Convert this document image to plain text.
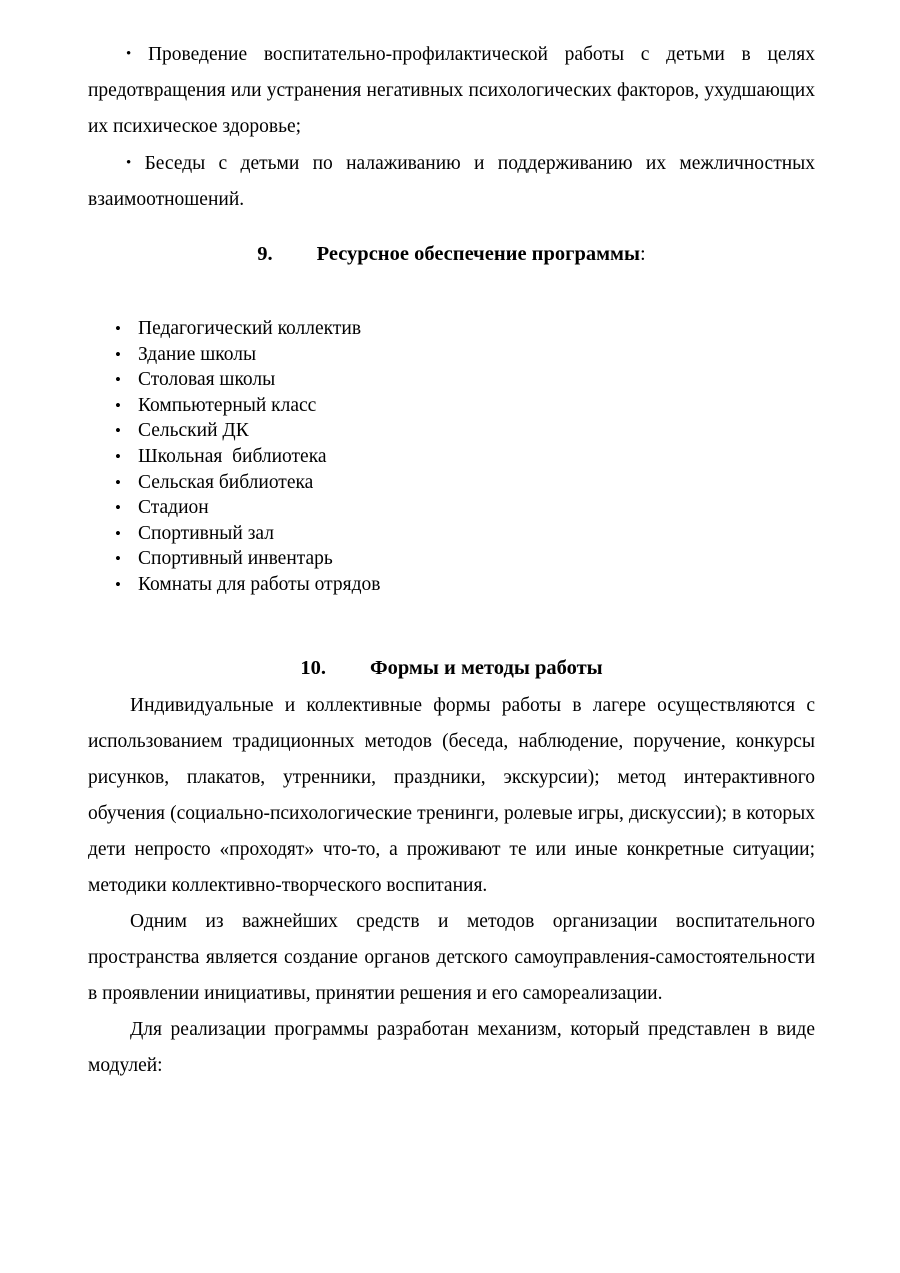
• Проведение воспитательно-профилактической работы с детьми в целях предотвращения или устранения негативных психологических факторов, ухудшающих их психическое здоровье;

• Беседы с детьми по налаживанию и поддерживанию их межличностных взаимоотношений.

9. Ресурсное обеспечение программы:
• Педагогический коллектив
• Здание школы
• Столовая школы
• Компьютерный класс
• Сельский ДК
• Школьная  библиотека
• Сельская библиотека
• Стадион
• Спортивный зал
• Спортивный инвентарь
• Комнаты для работы отрядов
10. Формы и методы работы

Индивидуальные и коллективные формы работы в лагере осуществляются с использованием традиционных методов (беседа, наблюдение, поручение, конкурсы рисунков, плакатов, утренники, праздники, экскурсии); метод интерактивного обучения (социально-психологические тренинги, ролевые игры, дискуссии); в которых дети непросто «проходят» что-то, а проживают те или иные конкретные ситуации; методики коллективно-творческого воспитания.

Одним из важнейших средств и методов организации воспитательного пространства является создание органов детского самоуправления-самостоятельности в проявлении инициативы, принятии решения и его самореализации.

Для реализации программы разработан механизм, который представлен в виде модулей:
